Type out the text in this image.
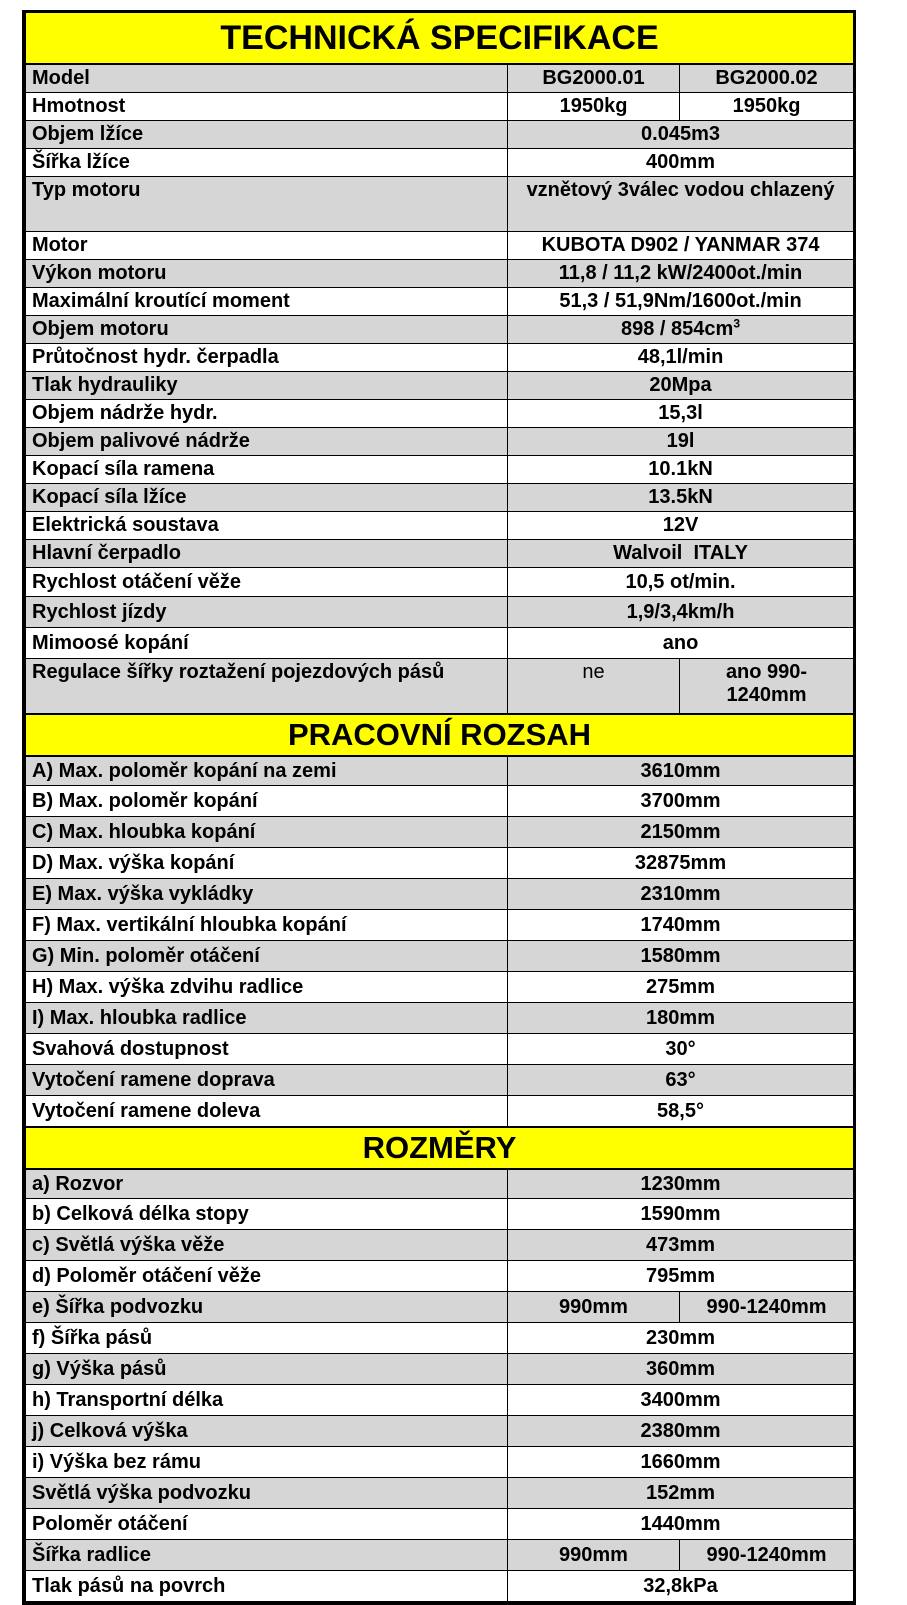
TECHNICKÁ SPECIFIKACE		
Model	BG2000.01	BG2000.02
Hmotnost	1950kg	1950kg
Objem lžíce	0.045m3	
Šířka lžíce	400mm	
Typ motoru	vznětový 3válec vodou chlazený	
Motor	KUBOTA D902 / YANMAR 374	
Výkon motoru	11,8 / 11,2 kW/2400ot./min	
Maximální kroutící moment	51,3 / 51,9Nm/1600ot./min	
Objem motoru	$898 / 854cm^3$
Průtočnost hydr. čerpadla	48,1l/min	
Tlak hydrauliky	20Mpa	
Objem nádrže hydr.	15,3l	
Objem palivové nádrže	19l	
Kopací síla ramena	10.1kN	
Kopací síla lžíce	13.5kN	
Elektrická soustava	12V	
Hlavní čerpadlo	Walvoil  ITALY	
Rychlost otáčení věže	10,5 ot/min.	
Rychlost jízdy	1,9/3,4km/h	
Mimoosé kopání	ano	
Regulace šířky roztažení pojezdových pásů	ne	ano 990-1240mm
PRACOVNÍ ROZSAH		
A) Max. poloměr kopání na zemi	3610mm	
B) Max. poloměr kopání	3700mm	
C) Max. hloubka kopání	2150mm	
D) Max. výška kopání	32875mm	
E) Max. výška vykládky	2310mm	
F) Max. vertikální hloubka kopání	1740mm	
G) Min. poloměr otáčení	1580mm	
H) Max. výška zdvihu radlice	275mm	
I) Max. hloubka radlice	180mm	
Svahová dostupnost	30°	
Vytočení ramene doprava	63°	
Vytočení ramene doleva	58,5°	
ROZMĚRY		
a) Rozvor	1230mm	
b) Celková délka stopy	1590mm	
c) Světlá výška věže	473mm	
d) Poloměr otáčení věže	795mm	
e) Šířka podvozku	990mm	990-1240mm
f) Šířka pásů	230mm	
g) Výška pásů	360mm	
h) Transportní délka	3400mm	
j) Celková výška	2380mm	
i) Výška bez rámu	1660mm	
Světlá výška podvozku	152mm	
Poloměr otáčení	1440mm	
Šířka radlice	990mm	990-1240mm
Tlak pásů na povrch	32,8kPa	
